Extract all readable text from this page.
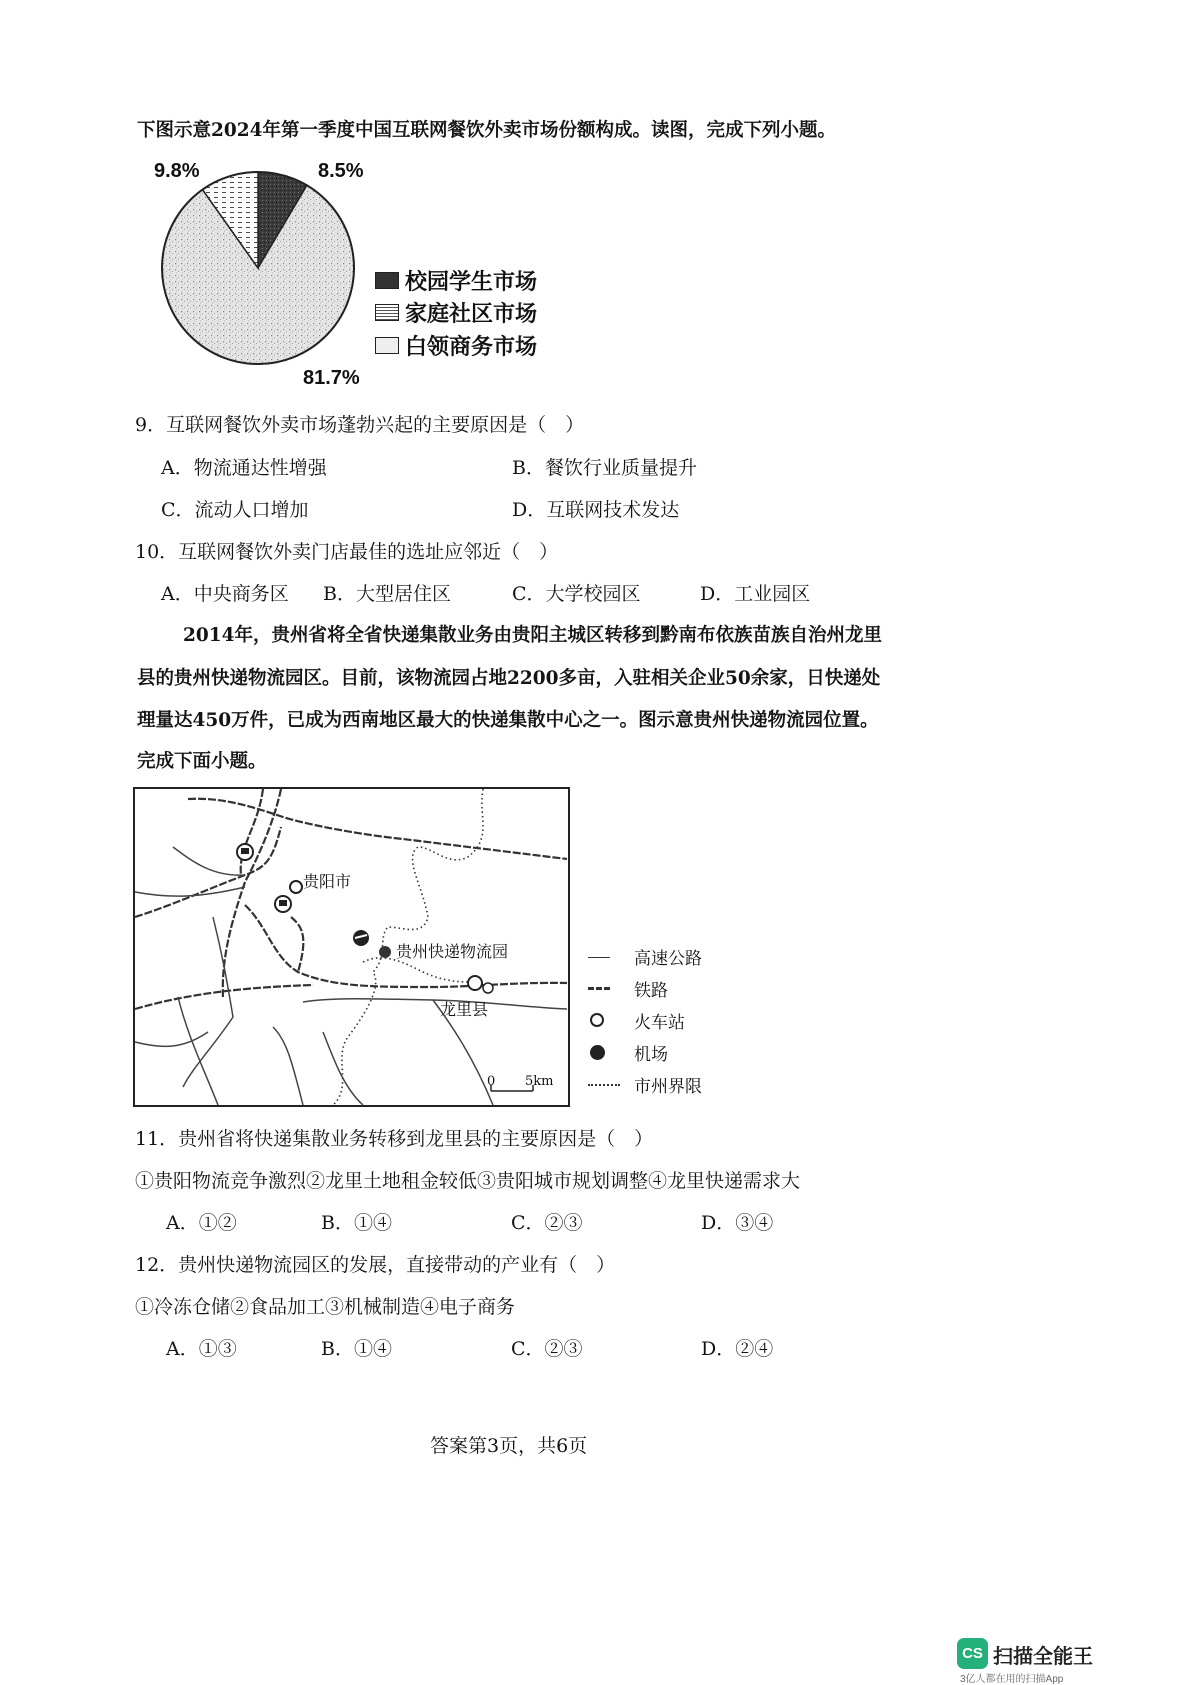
下图示意2024年第一季度中国互联网餐饮外卖市场份额构成。读图，完成下列小题。
9.8%	8.5%
81.7%
校园学生市场
家庭社区市场
白领商务市场
9．互联网餐饮外卖市场蓬勃兴起的主要原因是（　）
A．物流通达性增强	B．餐饮行业质量提升
C．流动人口增加	D．互联网技术发达
10．互联网餐饮外卖门店最佳的选址应邻近（　）
A．中央商务区 B．大型居住区	C．大学校园区	D．工业园区
2014年，贵州省将全省快递集散业务由贵阳主城区转移到黔南布依族苗族自治州龙里
县的贵州快递物流园区。目前，该物流园占地2200多亩，入驻相关企业50余家，日快递处
理量达450万件，已成为西南地区最大的快递集散中心之一。图示意贵州快递物流园位置。
完成下面小题。
贵阳市
贵州快递物流园
龙里县
0 5km
高速公路
铁路
火车站
机场
市州界限
11．贵州省将快递集散业务转移到龙里县的主要原因是（　）
①贵阳物流竞争激烈②龙里土地租金较低③贵阳城市规划调整④龙里快递需求大
A．①②	B．①④	C．②③	D．③④
12．贵州快递物流园区的发展，直接带动的产业有（　）
①冷冻仓储②食品加工③机械制造④电子商务
A．①③	B．①④	C．②③	D．②④
答案第3页，共6页
CS 扫描全能王
3亿人都在用的扫描App
